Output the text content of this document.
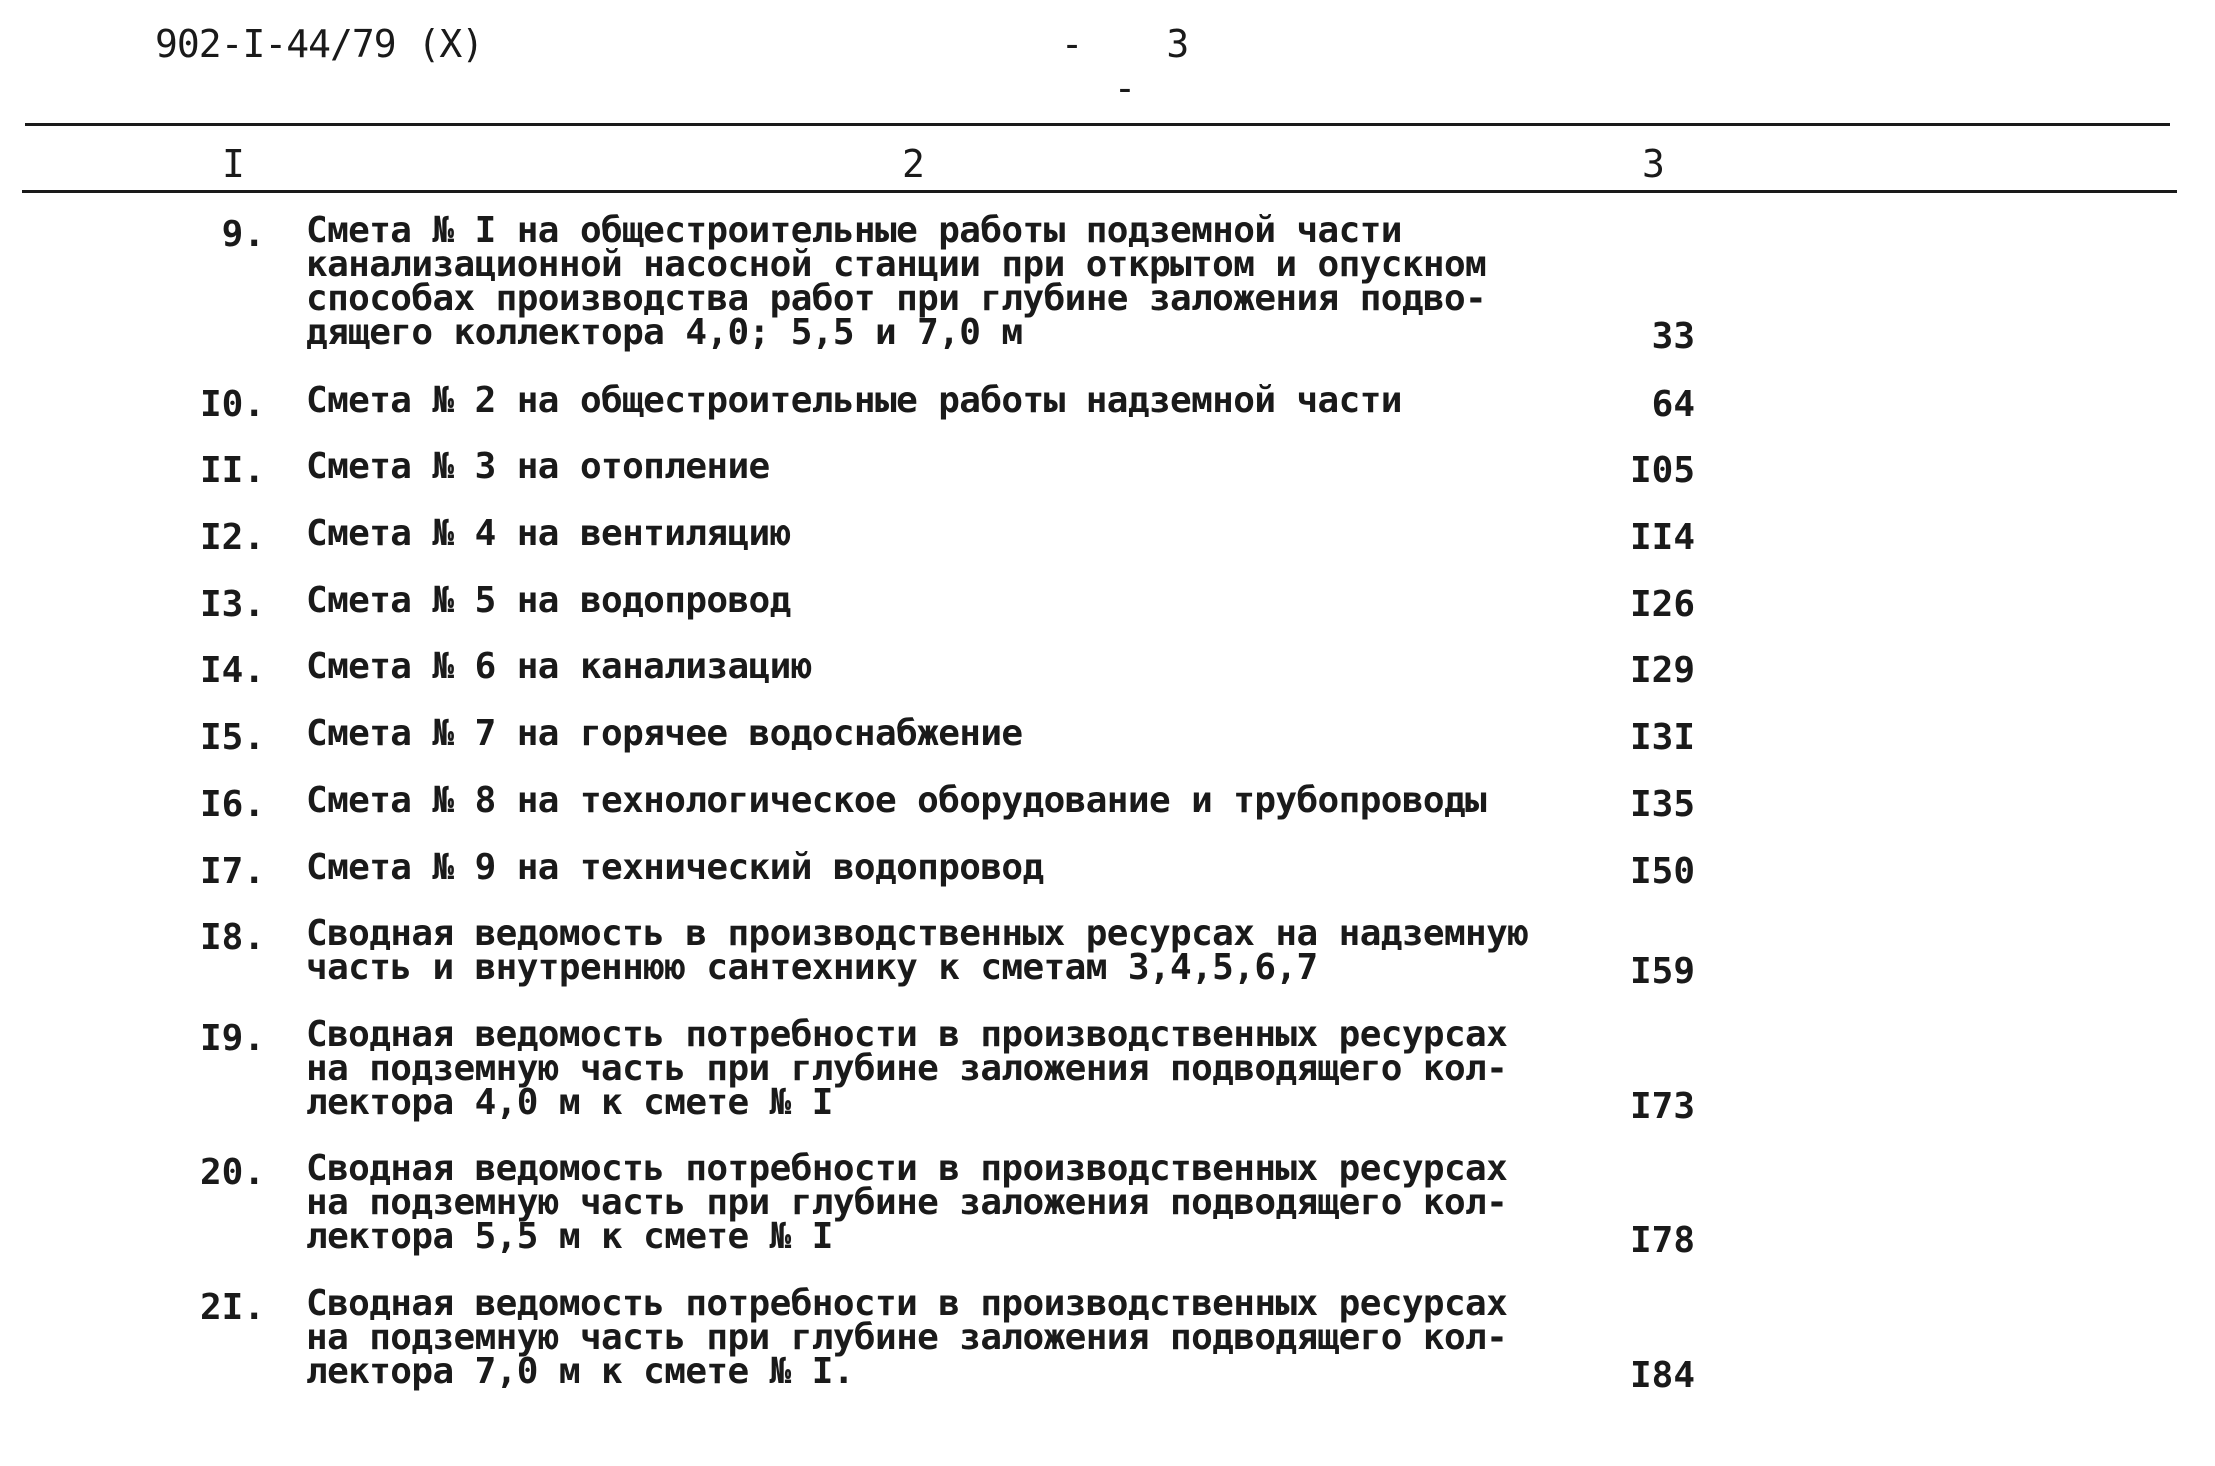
902-I-44/79 (X)	- 3 -
I	2	3
9. Смета № I на общестроительные работы подземной части
канализационной насосной станции при открытом и опускном
способах производства работ при глубине заложения подво-
дящего коллектора 4,0; 5,5 и 7,0 м	33
I0. Смета № 2 на общестроительные работы надземной части	64
II. Смета № 3 на отопление	I05
I2. Смета № 4 на вентиляцию	II4
I3. Смета № 5 на водопровод	I26
I4. Смета № 6 на канализацию	I29
I5. Смета № 7 на горячее водоснабжение	I3I
I6. Смета № 8 на технологическое оборудование и трубопроводы	I35
I7. Смета № 9 на технический водопровод	I50
I8. Сводная ведомость в производственных ресурсах на надземную
часть и внутреннюю сантехнику к сметам 3,4,5,6,7	I59
I9. Сводная ведомость потребности в производственных ресурсах
на подземную часть при глубине заложения подводящего кол-
лектора 4,0 м к смете № I	I73
20. Сводная ведомость потребности в производственных ресурсах
на подземную часть при глубине заложения подводящего кол-
лектора 5,5 м к смете № I	I78
2I. Сводная ведомость потребности в производственных ресурсах
на подземную часть при глубине заложения подводящего кол-
лектора 7,0 м к смете № I.	I84
